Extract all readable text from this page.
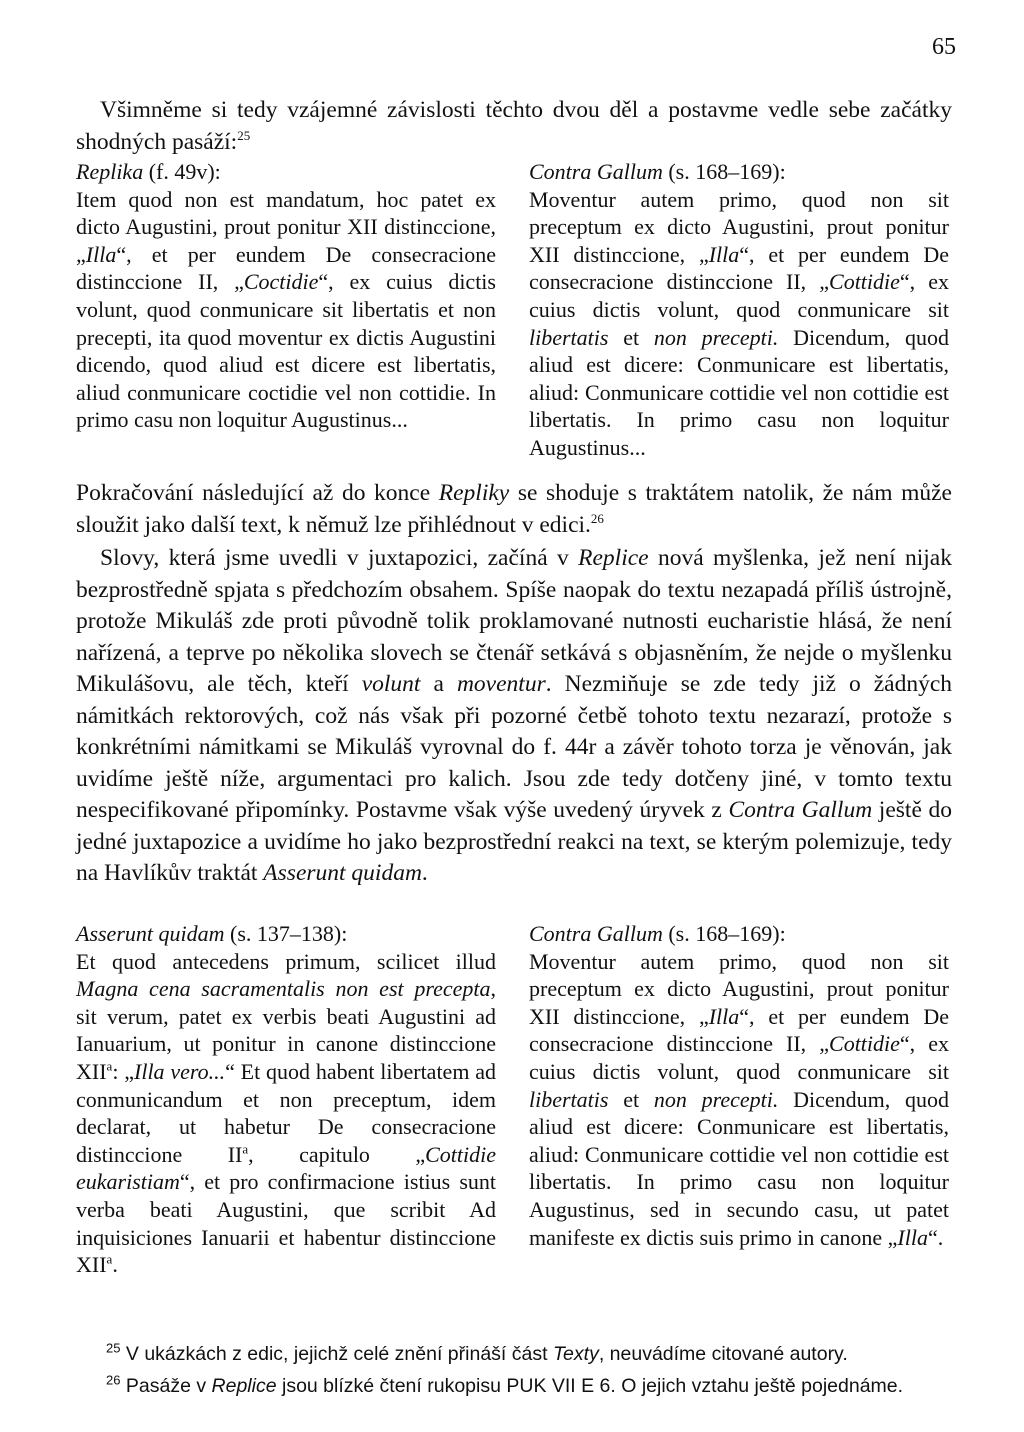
65
Všimněme si tedy vzájemné závislosti těchto dvou děl a postavme vedle sebe začátky shodných pasáží:$^{25}$
Replika (f. 49v):
Item quod non est mandatum, hoc patet ex dicto Augustini, prout ponitur XII distinccione, „Illa“, et per eundem De consecracione distinccione II, „Coctidie“, ex cuius dictis volunt, quod conmunicare sit libertatis et non precepti, ita quod moventur ex dictis Augustini dicendo, quod aliud est dicere est libertatis, aliud conmunicare coctidie vel non cottidie. In primo casu non loquitur Augustinus...
Contra Gallum (s. 168–169):
Moventur autem primo, quod non sit preceptum ex dicto Augustini, prout ponitur XII distinccione, „Illa“, et per eundem De consecracione distinccione II, „Cottidie“, ex cuius dictis volunt, quod conmunicare sit libertatis et non precepti. Dicendum, quod aliud est dicere: Conmunicare est libertatis, aliud: Conmunicare cottidie vel non cottidie est libertatis. In primo casu non loquitur Augustinus...
Pokračování následující až do konce Repliky se shoduje s traktátem natolik, že nám může sloužit jako další text, k němuž lze přihlédnout v edici.$^{26}$
Slovy, která jsme uvedli v juxtapozici, začíná v Replice nová myšlenka, jež není nijak bezprostředně spjata s předchozím obsahem. Spíše naopak do textu nezapadá příliš ústrojně, protože Mikuláš zde proti původně tolik proklamované nutnosti eucharistie hlásá, že není nařízená, a teprve po několika slovech se čtenář setkává s objasněním, že nejde o myšlenku Mikulášovu, ale těch, kteří volunt a moventur. Nezmiňuje se zde tedy již o žádných námitkách rektorových, což nás však při pozorné četbě tohoto textu nezarazí, protože s konkrétními námitkami se Mikuláš vyrovnal do f. 44r a závěr tohoto torza je věnován, jak uvidíme ještě níže, argumentaci pro kalich. Jsou zde tedy dotčeny jiné, v tomto textu nespecifikované připomínky. Postavme však výše uvedený úryvek z Contra Gallum ještě do jedné juxtapozice a uvidíme ho jako bezprostřední reakci na text, se kterým polemizuje, tedy na Havlíkův traktát Asserunt quidam.
Asserunt quidam (s. 137–138):
Et quod antecedens primum, scilicet illud Magna cena sacramentalis non est precepta, sit verum, patet ex verbis beati Augustini ad Ianuarium, ut ponitur in canone distinccione XII$^a$: „Illa vero...“ Et quod habent libertatem ad conmunicandum et non preceptum, idem declarat, ut habetur De consecracione distinccione $II^a$, capitulo „Cottidie eukaristiam“, et pro confirmacione istius sunt verba beati Augustini, que scribit Ad inquisiciones Ianuarii et habentur distinccione XII$^a$.
Contra Gallum (s. 168–169):
Moventur autem primo, quod non sit preceptum ex dicto Augustini, prout ponitur XII distinccione, „Illa“, et per eundem De consecracione distinccione II, „Cottidie“, ex cuius dictis volunt, quod conmunicare sit libertatis et non precepti. Dicendum, quod aliud est dicere: Conmunicare est libertatis, aliud: Conmunicare cottidie vel non cottidie est libertatis. In primo casu non loquitur Augustinus, sed in secundo casu, ut patet manifeste ex dictis suis primo in canone „Illa“.
$^{25}$ V ukázkách z edic, jejichž celé znění přináší část Texty, neuvádíme citované autory.
$^{26}$ Pasáže v Replice jsou blízké čtení rukopisu PUK VII E 6. O jejich vztahu ještě pojednáme.
